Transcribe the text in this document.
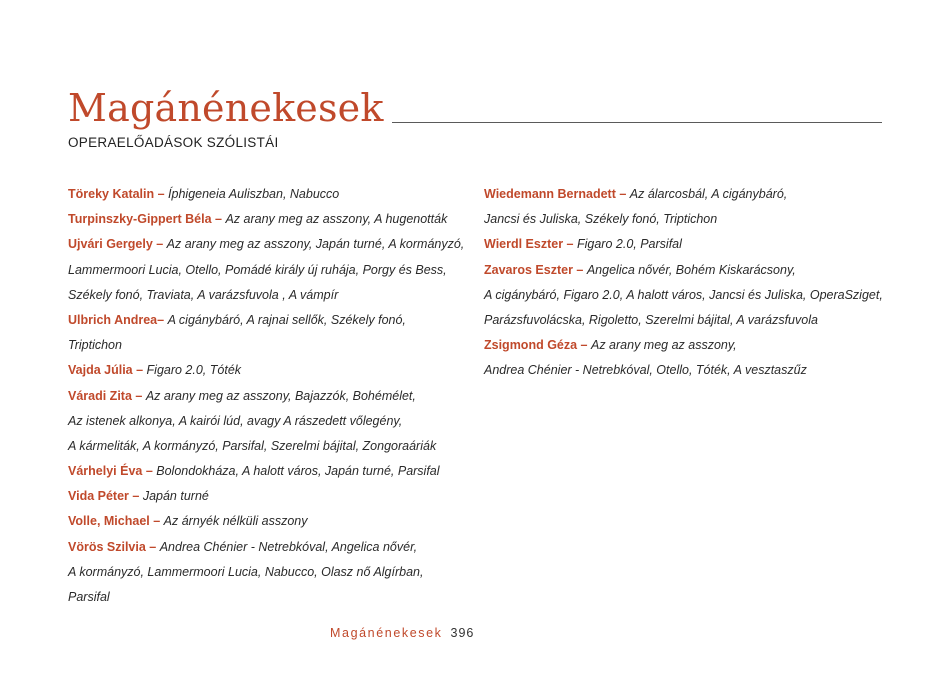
Magánénekesek
OPERAELŐADÁSOK SZÓLISTÁI
Töreky Katalin – Íphigeneia Auliszban, Nabucco
Turpinszky-Gippert Béla – Az arany meg az asszony, A hugenották
Ujvári Gergely – Az arany meg az asszony, Japán turné, A kormányzó,
Lammermoori Lucia, Otello, Pomádé király új ruhája, Porgy és Bess,
Székely fonó, Traviata, A varázsfuvola , A vámpír
Ulbrich Andrea– A cigánybáró, A rajnai sellők, Székely fonó,
Triptichon
Vajda Júlia – Figaro 2.0, Tóték
Váradi Zita – Az arany meg az asszony, Bajazzók, Bohémélet,
Az istenek alkonya, A kairói lúd, avagy A rászedett vőlegény,
A kármeliták, A kormányzó, Parsifal, Szerelmi bájital, Zongoraáriák
Várhelyi Éva – Bolondokháza, A halott város, Japán turné, Parsifal
Vida Péter – Japán turné
Volle, Michael – Az árnyék nélküli asszony
Vörös Szilvia – Andrea Chénier - Netrebkóval, Angelica nővér,
A kormányzó, Lammermoori Lucia, Nabucco, Olasz nő Algírban,
Parsifal
Wiedemann Bernadett – Az álarcosbál, A cigánybáró,
Jancsi és Juliska, Székely fonó, Triptichon
Wierdl Eszter – Figaro 2.0, Parsifal
Zavaros Eszter – Angelica nővér, Bohém Kiskarácsony,
A cigánybáró, Figaro 2.0, A halott város, Jancsi és Juliska, OperaSziget,
Parázsfuvolácska, Rigoletto, Szerelmi bájital, A varázsfuvola
Zsigmond Géza – Az arany meg az asszony,
Andrea Chénier - Netrebkóval, Otello, Tóték, A vesztaszűz
Magánénekesek 396
